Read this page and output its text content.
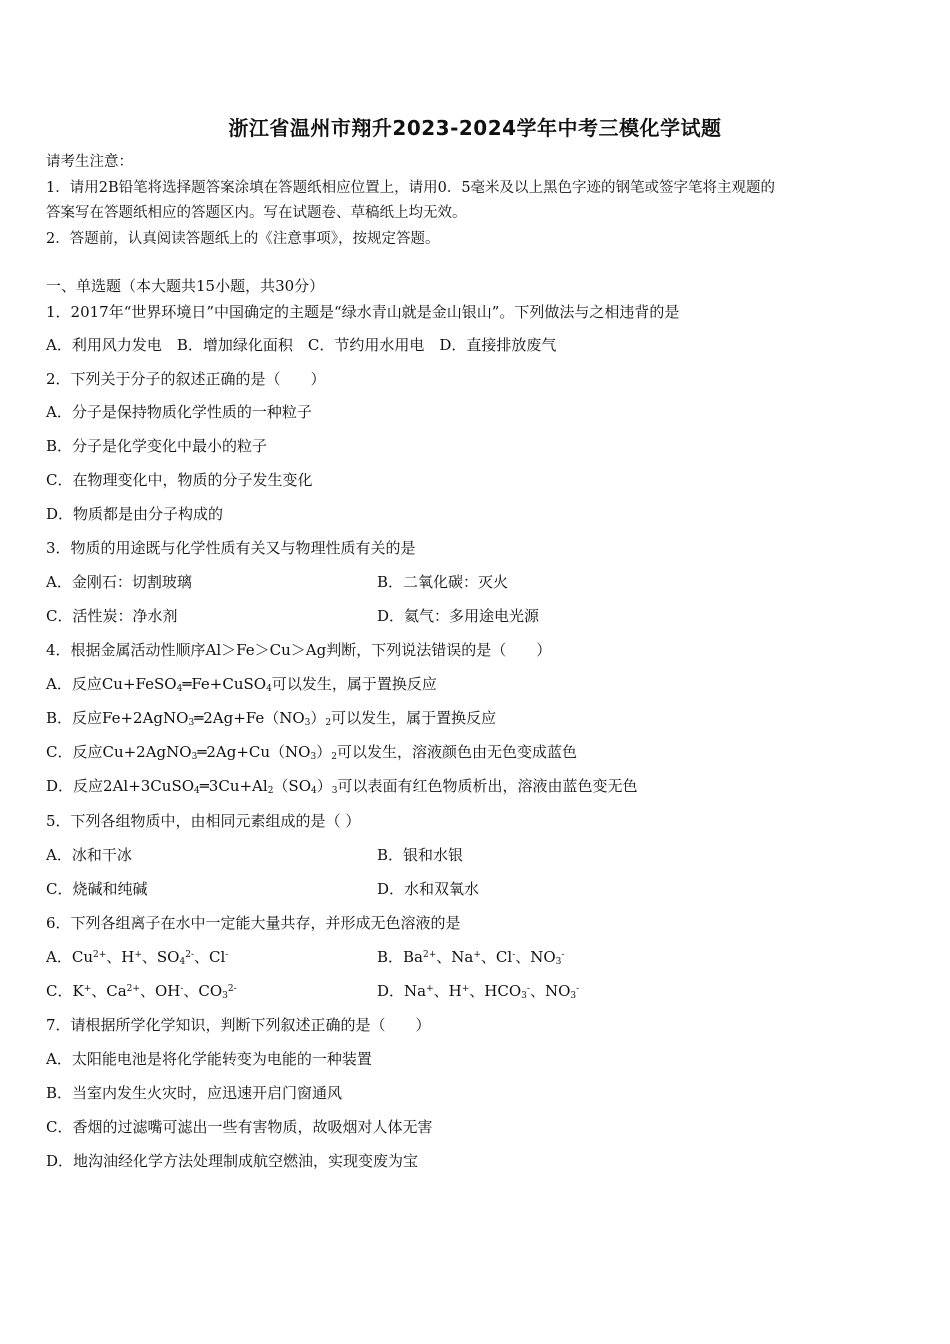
浙江省温州市翔升2023-2024学年中考三模化学试题
请考生注意：
1．请用2B铅笔将选择题答案涂填在答题纸相应位置上，请用0．5毫米及以上黑色字迹的钢笔或签字笔将主观题的
答案写在答题纸相应的答题区内。写在试题卷、草稿纸上均无效。
2．答题前，认真阅读答题纸上的《注意事项》，按规定答题。
一、单选题（本大题共15小题，共30分）
1．2017年“世界环境日”中国确定的主题是“绿水青山就是金山银山”。下列做法与之相违背的是
A．利用风力发电　B．增加绿化面积　C．节约用水用电　D．直接排放废气
2．下列关于分子的叙述正确的是（　　）
A．分子是保持物质化学性质的一种粒子
B．分子是化学变化中最小的粒子
C．在物理变化中，物质的分子发生变化
D．物质都是由分子构成的
3．物质的用途既与化学性质有关又与物理性质有关的是
A．金刚石：切割玻璃	B．二氧化碳：灭火
C．活性炭：净水剂	D．氦气：多用途电光源
4．根据金属活动性顺序Al＞Fe＞Cu＞Ag判断，下列说法错误的是（　　）
A．反应Cu+FeSO$_4$═Fe+CuSO$_4$可以发生，属于置换反应
B．反应$Fe+2AgNO_3═2Ag+Fe(NO_3)_2$可以发生，属于置换反应
C．反应$Cu+2AgNO_3═2Ag+Cu(NO_3)_2$可以发生，溶液颜色由无色变成蓝色
D．反应$2Al+3CuSO_4═3Cu+Al_2(SO_4)_3$可以表面有红色物质析出，溶液由蓝色变无色
5．下列各组物质中，由相同元素组成的是（ ）
A．冰和干冰	B．银和水银
C．烧碱和纯碱	D．水和双氧水
6．下列各组离子在水中一定能大量共存，并形成无色溶液的是
A．$Cu^{2+}$、H+、$SO_4^{2-}$、Cl-	B．$Ba^{2+}$、Na+、Cl-、$NO_3^-$
C．K+、$Ca^{2+}$、OH-、$CO_3^{2-}$	D．Na+、H+、$HCO_3^-$、$NO_3^-$
7．请根据所学化学知识，判断下列叙述正确的是（　　）
A．太阳能电池是将化学能转变为电能的一种装置
B．当室内发生火灾时，应迅速开启门窗通风
C．香烟的过滤嘴可滤出一些有害物质，故吸烟对人体无害
D．地沟油经化学方法处理制成航空燃油，实现变废为宝
